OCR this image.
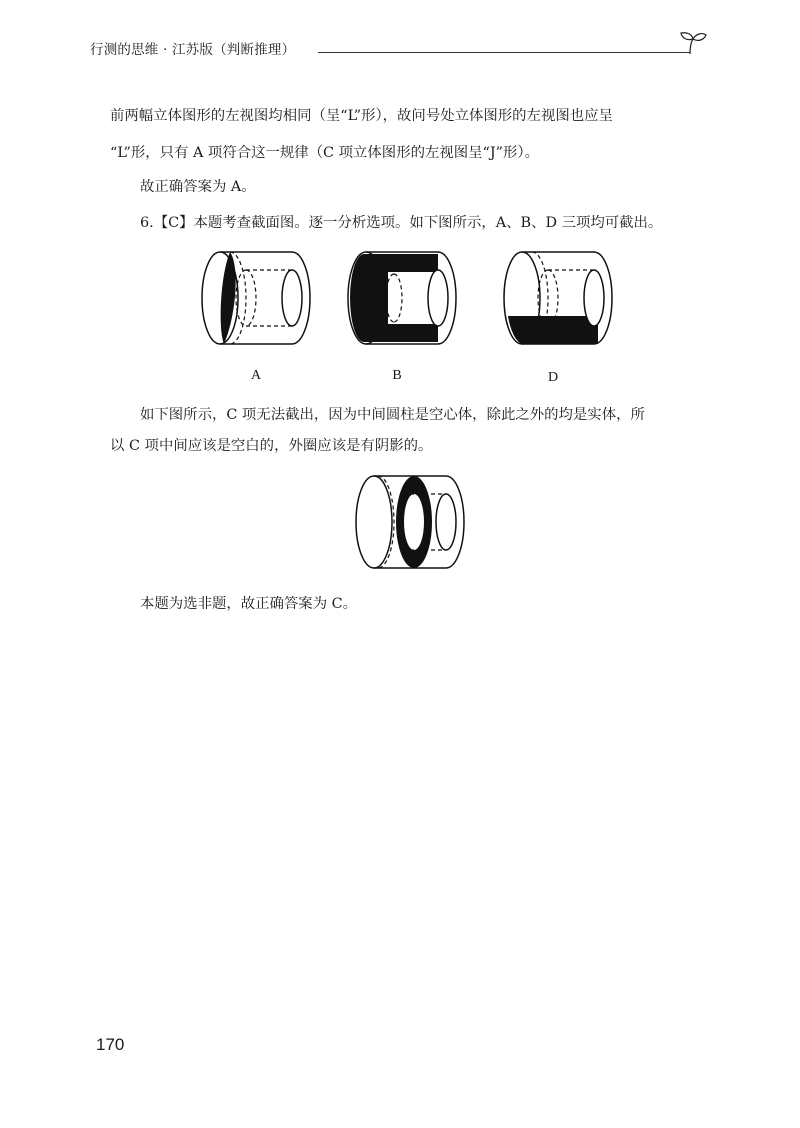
行测的思维 · 江苏版（判断推理）
前两幅立体图形的左视图均相同（呈“L”形），故问号处立体图形的左视图也应呈
“L”形，只有 A 项符合这一规律（C 项立体图形的左视图呈“J”形）。
故正确答案为 A。
6.【C】本题考查截面图。逐一分析选项。如下图所示，A、B、D 三项均可截出。
A	B	D
如下图所示，C 项无法截出，因为中间圆柱是空心体，除此之外的均是实体，所
以 C 项中间应该是空白的，外圈应该是有阴影的。
本题为选非题，故正确答案为 C。
170
